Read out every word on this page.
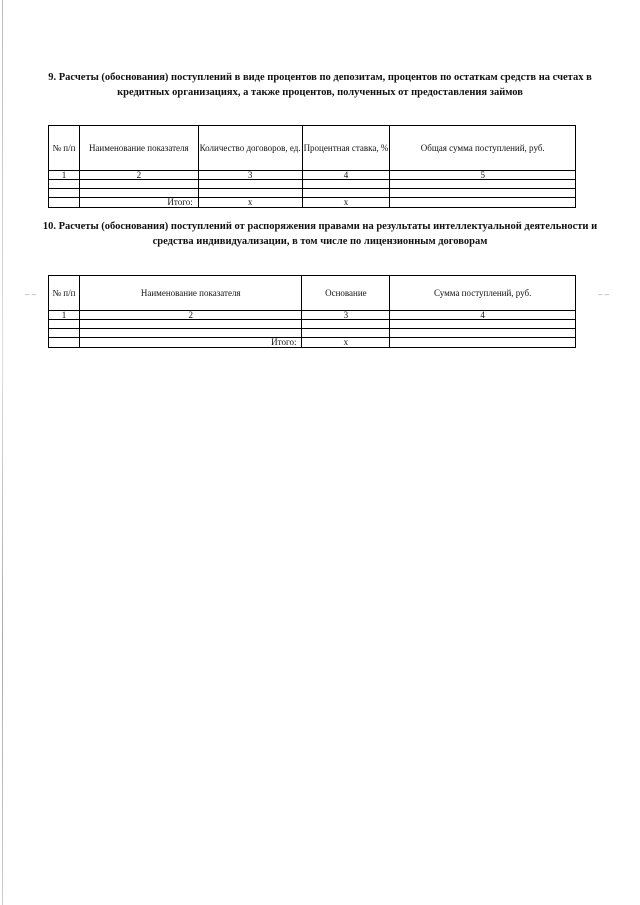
9. Расчеты (обоснования) поступлений в виде процентов по депозитам, процентов по остаткам средств на счетах в кредитных организациях, а также процентов, полученных от предоставления займов
№ п/п	Наименование показателя	Количество договоров, ед.	Процентная ставка, %	Общая сумма поступлений, руб.
1	2	3	4	5

	Итого:	x	x	
10. Расчеты (обоснования) поступлений от распоряжения правами на результаты интеллектуальной деятельности и средства индивидуализации, в том числе по лицензионным договорам
№ п/п	Наименование показателя	Основание	Сумма поступлений, руб.
1	2	3	4

	Итого:	x	
– –	– –
